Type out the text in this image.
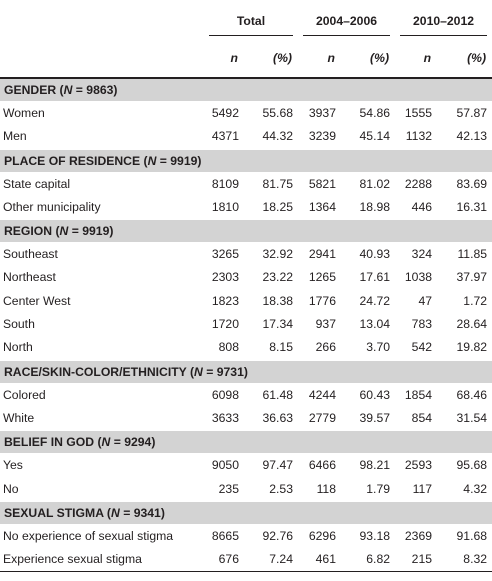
	Total		2004–2006		2010–2012	

	n	(%)	n	(%)	n	(%)
GENDER (N = 9863)						
Women	5492	55.68	3937	54.86	1555	57.87
Men	4371	44.32	3239	45.14	1132	42.13
PLACE OF RESIDENCE (N = 9919)						
State capital	8109	81.75	5821	81.02	2288	83.69
Other municipality	1810	18.25	1364	18.98	446	16.31
REGION (N = 9919)						
Southeast	3265	32.92	2941	40.93	324	11.85
Northeast	2303	23.22	1265	17.61	1038	37.97
Center West	1823	18.38	1776	24.72	47	1.72
South	1720	17.34	937	13.04	783	28.64
North	808	8.15	266	3.70	542	19.82
RACE/SKIN-COLOR/ETHNICITY (N = 9731)						
Colored	6098	61.48	4244	60.43	1854	68.46
White	3633	36.63	2779	39.57	854	31.54
BELIEF IN GOD (N = 9294)						
Yes	9050	97.47	6466	98.21	2593	95.68
No	235	2.53	118	1.79	117	4.32
SEXUAL STIGMA (N = 9341)						
No experience of sexual stigma	8665	92.76	6296	93.18	2369	91.68
Experience sexual stigma	676	7.24	461	6.82	215	8.32
